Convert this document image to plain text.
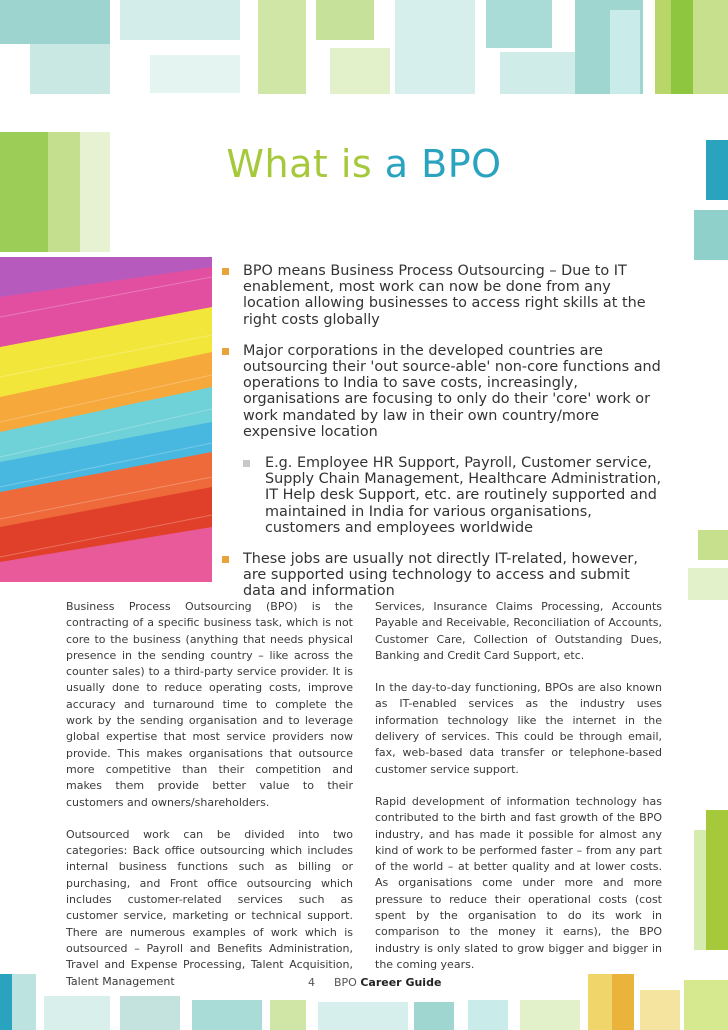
What is a BPO
BPO means Business Process Outsourcing – Due to IT enablement, most work can now be done from any location allowing businesses to access right skills at the right costs globally
Major corporations in the developed countries are outsourcing their 'out source-able' non-core functions and operations to India to save costs, increasingly, organisations are focusing to only do their 'core' work or work mandated by law in their own country/more expensive location
E.g. Employee HR Support, Payroll, Customer service, Supply Chain Management, Healthcare Administration, IT Help desk Support, etc. are routinely supported and maintained in India for various organisations, customers and employees worldwide
These jobs are usually not directly IT-related, however, are supported using technology to access and submit data and information

Business Process Outsourcing (BPO) is the contracting of a specific business task, which is not core to the business (anything that needs physical presence in the sending country – like across the counter sales) to a third-party service provider. It is usually done to reduce operating costs, improve accuracy and turnaround time to complete the work by the sending organisation and to leverage global expertise that most service providers now provide. This makes organisations that outsource more competitive than their competition and makes them provide better value to their customers and owners/shareholders.

Outsourced work can be divided into two categories: Back office outsourcing which includes internal business functions such as billing or purchasing, and Front office outsourcing which includes customer-related services such as customer service, marketing or technical support. There are numerous examples of work which is outsourced – Payroll and Benefits Administration, Travel and Expense Processing, Talent Acquisition, Talent Management

Services, Insurance Claims Processing, Accounts Payable and Receivable, Reconciliation of Accounts, Customer Care, Collection of Outstanding Dues, Banking and Credit Card Support, etc.

In the day-to-day functioning, BPOs are also known as IT-enabled services as the industry uses information technology like the internet in the delivery of services. This could be through email, fax, web-based data transfer or telephone-based customer service support.

Rapid development of information technology has contributed to the birth and fast growth of the BPO industry, and has made it possible for almost any kind of work to be performed faster – from any part of the world – at better quality and at lower costs. As organisations come under more and more pressure to reduce their operational costs (cost spent by the organisation to do its work in comparison to the money it earns), the BPO industry is only slated to grow bigger and bigger in the coming years.

4 BPO Career Guide
